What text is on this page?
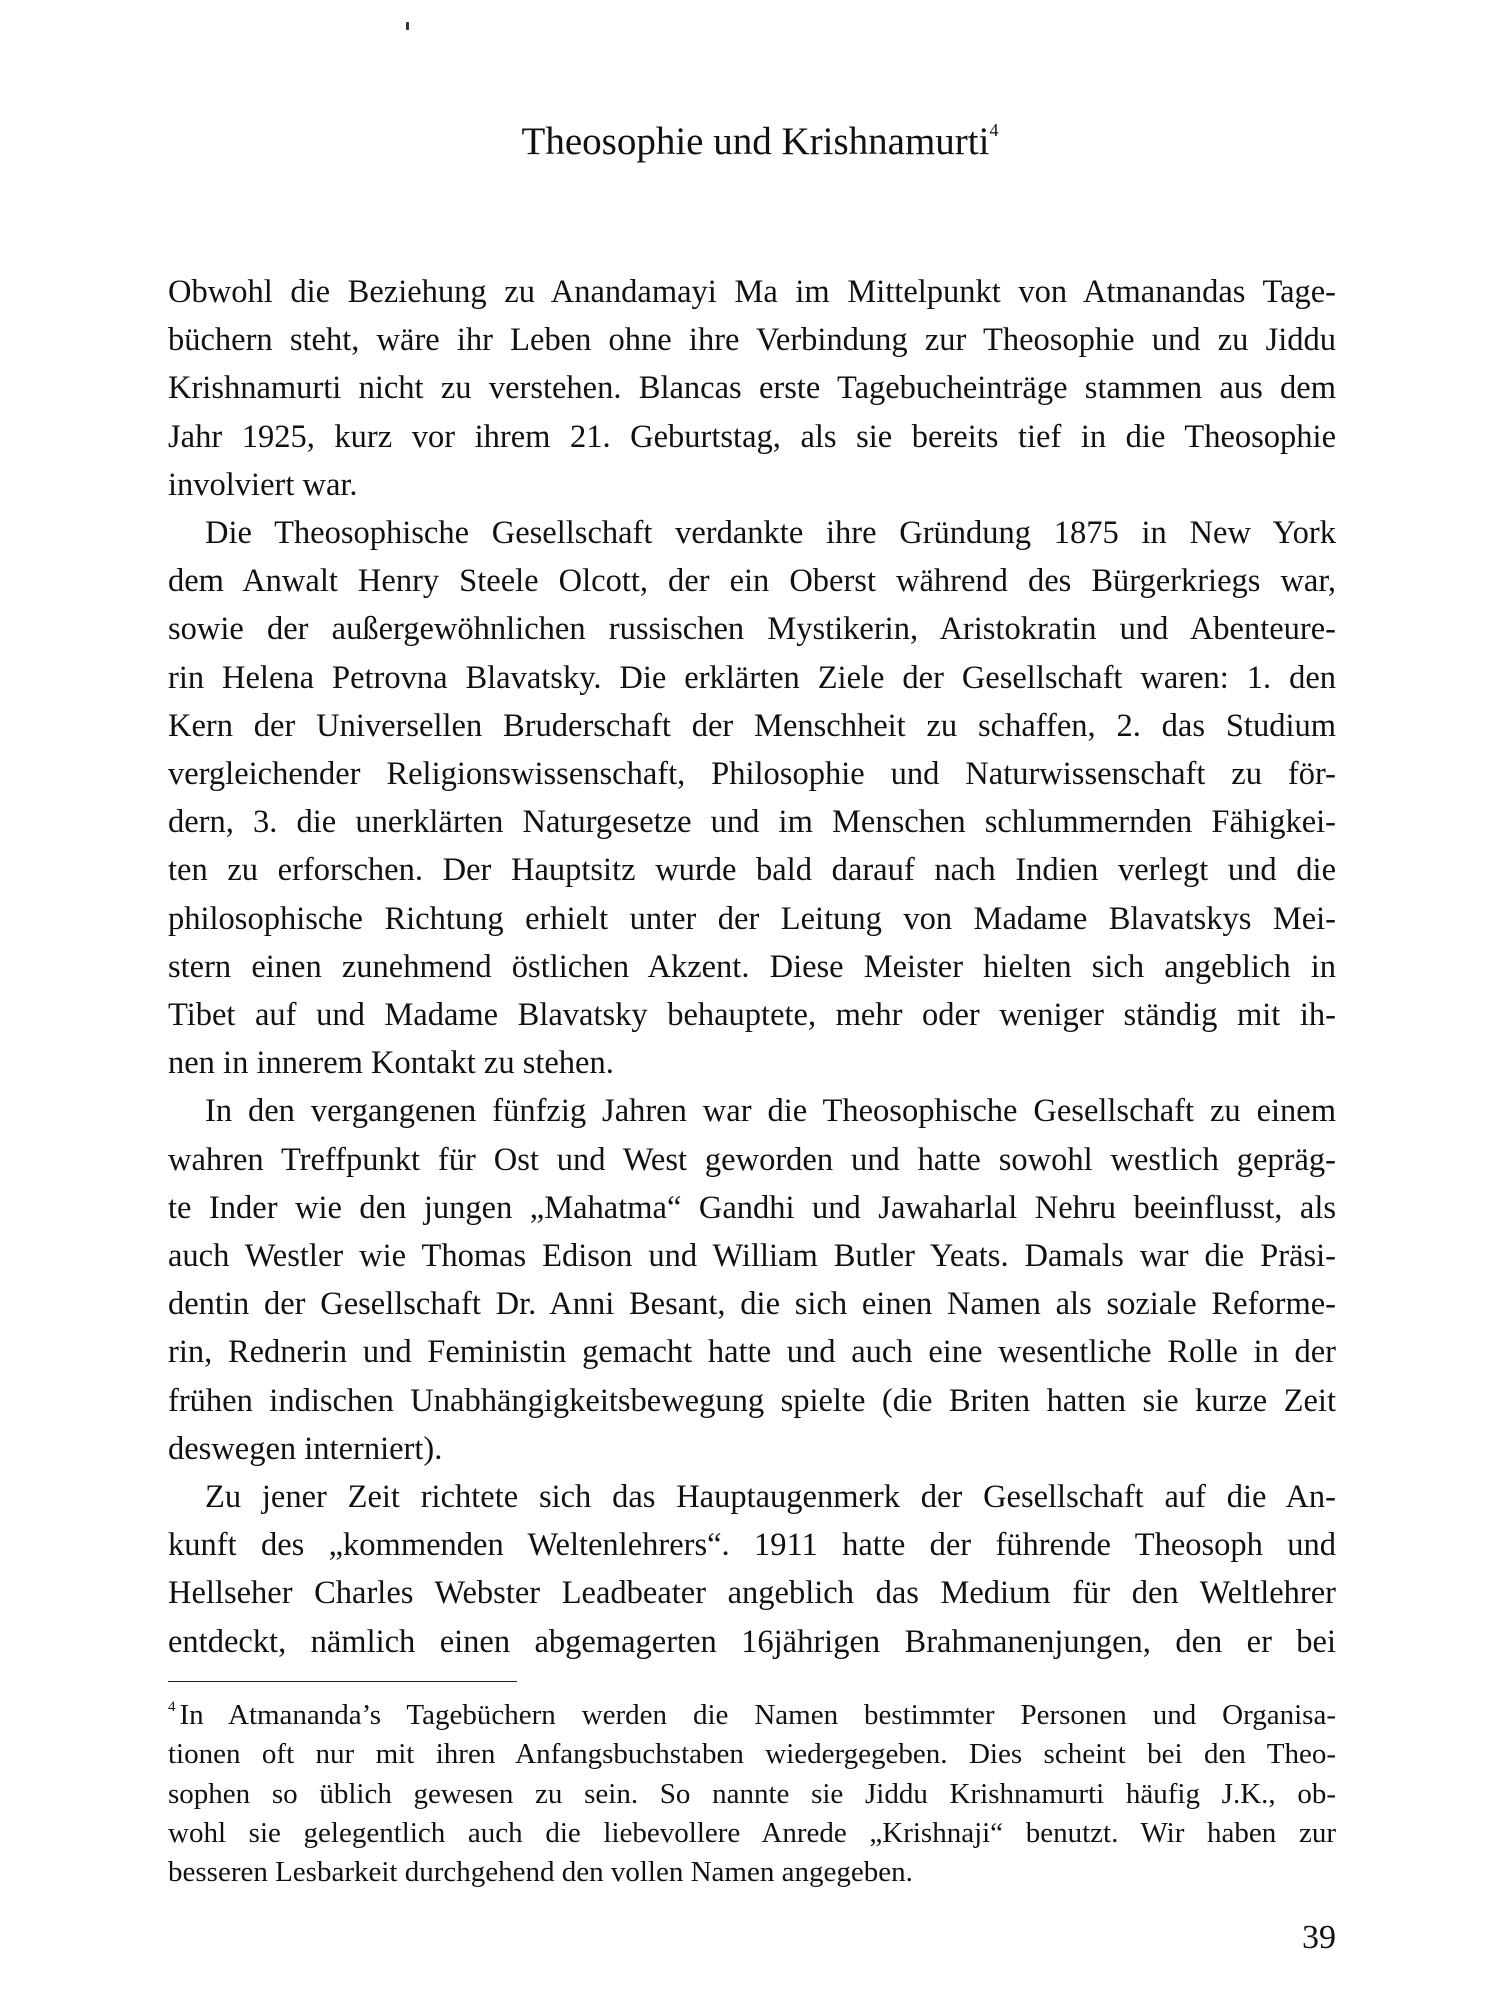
Theosophie und Krishnamurti$^4$
Obwohl die Beziehung zu Anandamayi Ma im Mittelpunkt von Atmanandas Tage-
büchern steht, wäre ihr Leben ohne ihre Verbindung zur Theosophie und zu Jiddu
Krishnamurti nicht zu verstehen. Blancas erste Tagebucheinträge stammen aus dem
Jahr 1925, kurz vor ihrem 21. Geburtstag, als sie bereits tief in die Theosophie
involviert war.
Die Theosophische Gesellschaft verdankte ihre Gründung 1875 in New York
dem Anwalt Henry Steele Olcott, der ein Oberst während des Bürgerkriegs war,
sowie der außergewöhnlichen russischen Mystikerin, Aristokratin und Abenteure-
rin Helena Petrovna Blavatsky. Die erklärten Ziele der Gesellschaft waren: 1. den
Kern der Universellen Bruderschaft der Menschheit zu schaffen, 2. das Studium
vergleichender Religionswissenschaft, Philosophie und Naturwissenschaft zu för-
dern, 3. die unerklärten Naturgesetze und im Menschen schlummernden Fähigkei-
ten zu erforschen. Der Hauptsitz wurde bald darauf nach Indien verlegt und die
philosophische Richtung erhielt unter der Leitung von Madame Blavatskys Mei-
stern einen zunehmend östlichen Akzent. Diese Meister hielten sich angeblich in
Tibet auf und Madame Blavatsky behauptete, mehr oder weniger ständig mit ih-
nen in innerem Kontakt zu stehen.
In den vergangenen fünfzig Jahren war die Theosophische Gesellschaft zu einem
wahren Treffpunkt für Ost und West geworden und hatte sowohl westlich gepräg-
te Inder wie den jungen „Mahatma“ Gandhi und Jawaharlal Nehru beeinflusst, als
auch Westler wie Thomas Edison und William Butler Yeats. Damals war die Präsi-
dentin der Gesellschaft Dr. Anni Besant, die sich einen Namen als soziale Reforme-
rin, Rednerin und Feministin gemacht hatte und auch eine wesentliche Rolle in der
frühen indischen Unabhängigkeitsbewegung spielte (die Briten hatten sie kurze Zeit
deswegen interniert).
Zu jener Zeit richtete sich das Hauptaugenmerk der Gesellschaft auf die An-
kunft des „kommenden Weltenlehrers“. 1911 hatte der führende Theosoph und
Hellseher Charles Webster Leadbeater angeblich das Medium für den Weltlehrer
entdeckt, nämlich einen abgemagerten 16jährigen Brahmanenjungen, den er bei
$^4$ In Atmananda’s Tagebüchern werden die Namen bestimmter Personen und Organisa-
tionen oft nur mit ihren Anfangsbuchstaben wiedergegeben. Dies scheint bei den Theo-
sophen so üblich gewesen zu sein. So nannte sie Jiddu Krishnamurti häufig J.K., ob-
wohl sie gelegentlich auch die liebevollere Anrede „Krishnaji“ benutzt. Wir haben zur
besseren Lesbarkeit durchgehend den vollen Namen angegeben.
39
